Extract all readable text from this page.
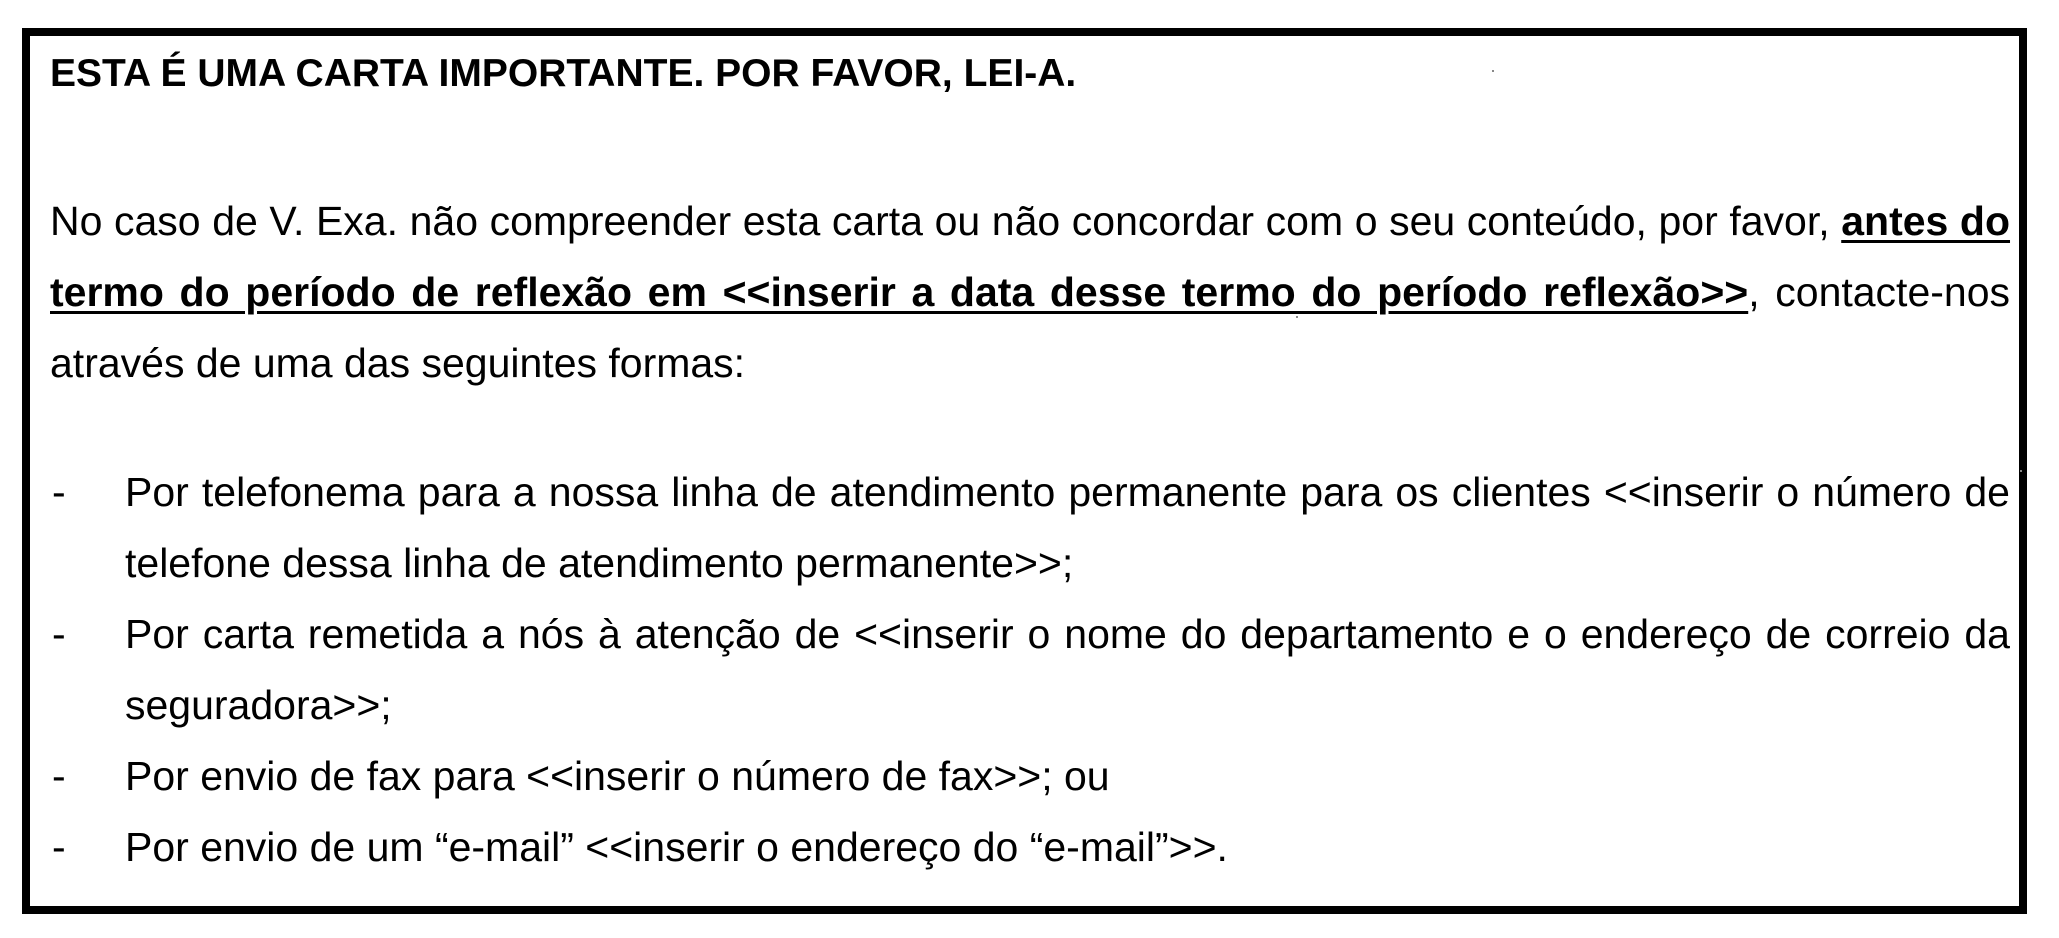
ESTA É UMA CARTA IMPORTANTE. POR FAVOR, LEI-A.

No caso de V. Exa. não compreender esta carta ou não concordar com o seu conteúdo, por favor, antes do termo do período de reflexão em <<inserir a data desse termo do período reflexão>>, contacte-nos através de uma das seguintes formas:

- Por telefonema para a nossa linha de atendimento permanente para os clientes <<inserir o número de telefone dessa linha de atendimento permanente>>;
- Por carta remetida a nós à atenção de <<inserir o nome do departamento e o endereço de correio da seguradora>>;
- Por envio de fax para <<inserir o número de fax>>; ou
- Por envio de um “e-mail” <<inserir o endereço do “e-mail”>>.
